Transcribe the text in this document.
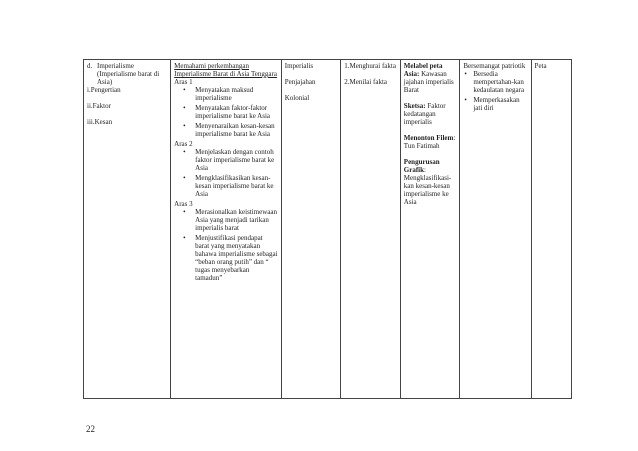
d. Imperialisme (Imperialisme barat di Asia)
i.Pengertian
ii.Faktor
iii.Kesan

Memahami perkembangan Imperialisme Barat di Asia Tenggara
Aras 1
• Menyatakan maksud imperialisme
• Menyatakan faktor-faktor imperialisme barat ke Asia
• Menyenaraikan kesan-kesan imperialisme barat ke Asia
Aras 2
• Menjelaskan dengan contoh faktor imperialisme barat ke Asia
• Mengklasifikasikan kesan-kesan imperialisme barat ke Asia
Aras 3
• Merasionalkan keistimewaan Asia yang menjadi tarikan imperialis barat
• Menjustifikasi pendapat barat yang menyatakan bahawa imperialisme sebagai “beban orang putih” dan “ tugas menyebarkan tamadun”

Imperialis
Penjajahan
Kolonial

1.Menghurai fakta
2.Menilai fakta

Melabel peta Asia: Kawasan jajahan imperialis Barat
Sketsa: Faktor kedatangan imperialis
Menonton Filem: Tun Fatimah
Pengurusan Grafik: Mengklasifikasi-kan kesan-kesan imperialisme ke Asia

Bersemangat patriotik
• Bersedia mempertahan-kan kedaulatan negara
• Memperkasakan jati diri

Peta
22
